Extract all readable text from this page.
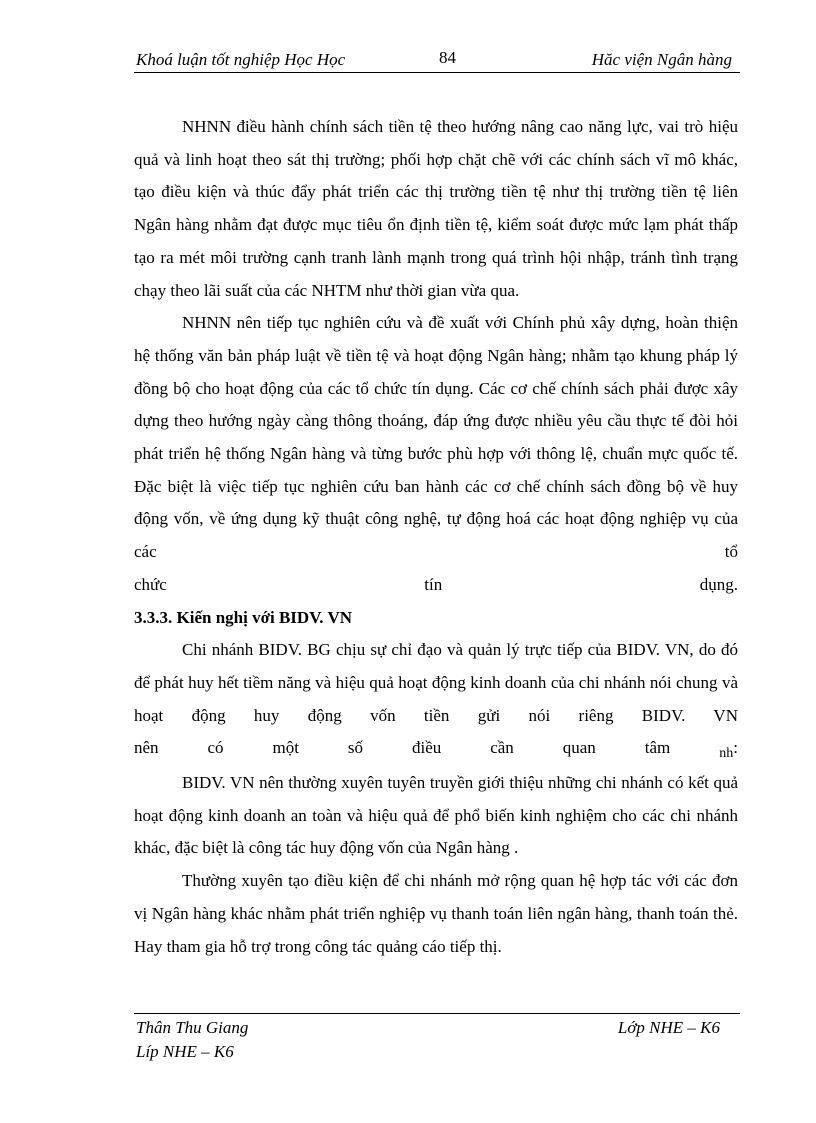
Khoá luận tốt nghiệp Học Học	84	Hăc viện Ngân hàng

NHNN điều hành chính sách tiền tệ theo hướng nâng cao năng lực, vai trò hiệu quả và linh hoạt theo sát thị trường; phối hợp chặt chẽ với các chính sách vĩ mô khác, tạo điều kiện và thúc đẩy phát triển các thị trường tiền tệ như thị trường tiền tệ liên Ngân hàng nhằm đạt được mục tiêu ổn định tiền tệ, kiểm soát được mức lạm phát thấp tạo ra mét môi trường cạnh tranh lành mạnh trong quá trình hội nhập, tránh tình trạng chạy theo lãi suất của các NHTM như thời gian vừa qua.

NHNN nên tiếp tục nghiên cứu và đề xuất với Chính phủ xây dựng, hoàn thiện hệ thống văn bản pháp luật về tiền tệ và hoạt động Ngân hàng; nhằm tạo khung pháp lý đồng bộ cho hoạt động của các tổ chức tín dụng. Các cơ chế chính sách phải được xây dựng theo hướng ngày càng thông thoáng, đáp ứng được nhiều yêu cầu thực tế đòi hỏi phát triển hệ thống Ngân hàng và từng bước phù hợp với thông lệ, chuẩn mực quốc tế. Đặc biệt là việc tiếp tục nghiên cứu ban hành các cơ chế chính sách đồng bộ về huy động vốn, về ứng dụng kỹ thuật công nghệ, tự động hoá các hoạt động nghiệp vụ của các tổ

chức	tín	dụng.

3.3.3. Kiến nghị với BIDV. VN

Chi nhánh BIDV. BG chịu sự chỉ đạo và quản lý trực tiếp của BIDV. VN, do đó để phát huy hết tiềm năng và hiệu quả hoạt động kinh doanh của chi nhánh nói chung và hoạt động huy động vốn tiền gửi nói riêng BIDV. VN

nên	có	một	số	điều	cần	quan	tâm	$_{nh}$:

BIDV. VN nên thường xuyên tuyên truyền giới thiệu những chi nhánh có kết quả hoạt động kinh doanh an toàn và hiệu quả để phổ biến kinh nghiệm cho các chi nhánh khác, đặc biệt là công tác huy động vốn của Ngân hàng .

Thường xuyên tạo điều kiện để chi nhánh mở rộng quan hệ hợp tác với các đơn vị Ngân hàng khác nhằm phát triển nghiệp vụ thanh toán liên ngân hàng, thanh toán thẻ. Hay tham gia hỗ trợ trong công tác quảng cáo tiếp thị.

Thân Thu Giang	Lớp NHE – K6
Líp NHE – K6
